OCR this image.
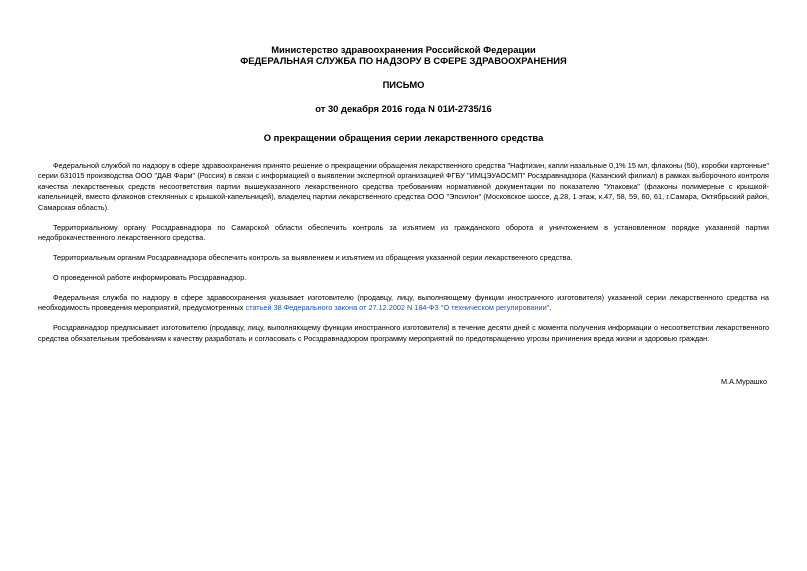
Министерство здравоохранения Российской Федерации
ФЕДЕРАЛЬНАЯ СЛУЖБА ПО НАДЗОРУ В СФЕРЕ ЗДРАВООХРАНЕНИЯ
ПИСЬМО
от 30 декабря 2016 года N 01И-2735/16
О прекращении обращения серии лекарственного средства

Федеральной службой по надзору в сфере здравоохранения принято решение о прекращении обращения лекарственного средства "Нафтизин, капли назальные 0,1% 15 мл, флаконы (50), коробки картонные" серии 631015 производства ООО "ДАВ Фарм" (Россия) в связи с информацией о выявлении экспертной организацией ФГБУ "ИМЦЭУАОСМП" Росздравнадзора (Казанский филиал) в рамках выборочного контроля качества лекарственных средств несоответствия партии вышеуказанного лекарственного средства требованиям нормативной документации по показателю "Упаковка" (флаконы полимерные с крышкой-капельницей, вместо флаконов стеклянных с крышкой-капельницей), владелец партии лекарственного средства ООО "Эпсилон" (Московское шоссе, д.28, 1 этаж, к.47, 58, 59, 60, 61, г.Самара, Октябрьский район, Самарская область).

Территориальному органу Росздравнадзора по Самарской области обеспечить контроль за изъятием из гражданского оборота и уничтожением в установленном порядке указанной партии недоброкачественного лекарственного средства.

Территориальным органам Росздравнадзора обеспечить контроль за выявлением и изъятием из обращения указанной серии лекарственного средства.

О проведенной работе информировать Росздравнадзор.

Федеральная служба по надзору в сфере здравоохранения указывает изготовителю (продавцу, лицу, выполняющему функции иностранного изготовителя) указанной серии лекарственного средства на необходимость проведения мероприятий, предусмотренных статьей 38 Федерального закона от 27.12.2002 N 184-ФЗ "О техническом регулировании".

Росздравнадзор предписывает изготовителю (продавцу, лицу, выполняющему функции иностранного изготовителя) в течение десяти дней с момента получения информации о несоответствии лекарственного средства обязательным требованиям к качеству разработать и согласовать с Росздравнадзором программу мероприятий по предотвращению угрозы причинения вреда жизни и здоровью граждан.

М.А.Мурашко
